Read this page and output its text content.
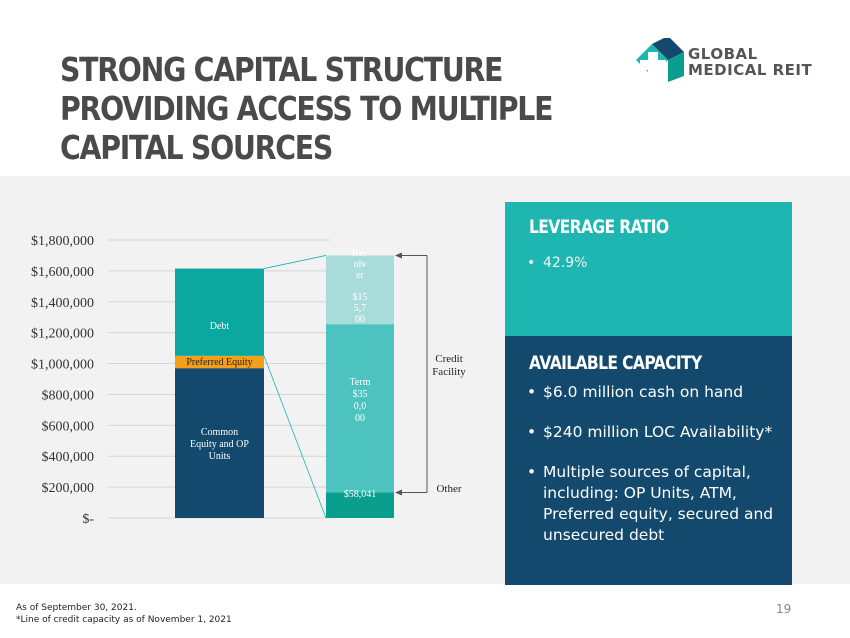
STRONG CAPITAL STRUCTURE
PROVIDING ACCESS TO MULTIPLE
CAPITAL SOURCES
GLOBAL
MEDICAL REIT
$1,800,000
$1,600,000
$1,400,000
$1,200,000
$1,000,000
$800,000
$600,000
$400,000
$200,000
$-
Common
Equity and OP
Units
Preferred Equity
Debt
$58,041
Term
$35
0,0
00
Rev
olv
er
$15
5,7
00
Credit
Facility
Other
LEVERAGE RATIO
• 42.9%
AVAILABLE CAPACITY
• $6.0 million cash on hand
• $240 million LOC Availability*
• Multiple sources of capital, including: OP Units, ATM, Preferred equity, secured and unsecured debt
As of September 30, 2021.
*Line of credit capacity as of November 1, 2021
19
